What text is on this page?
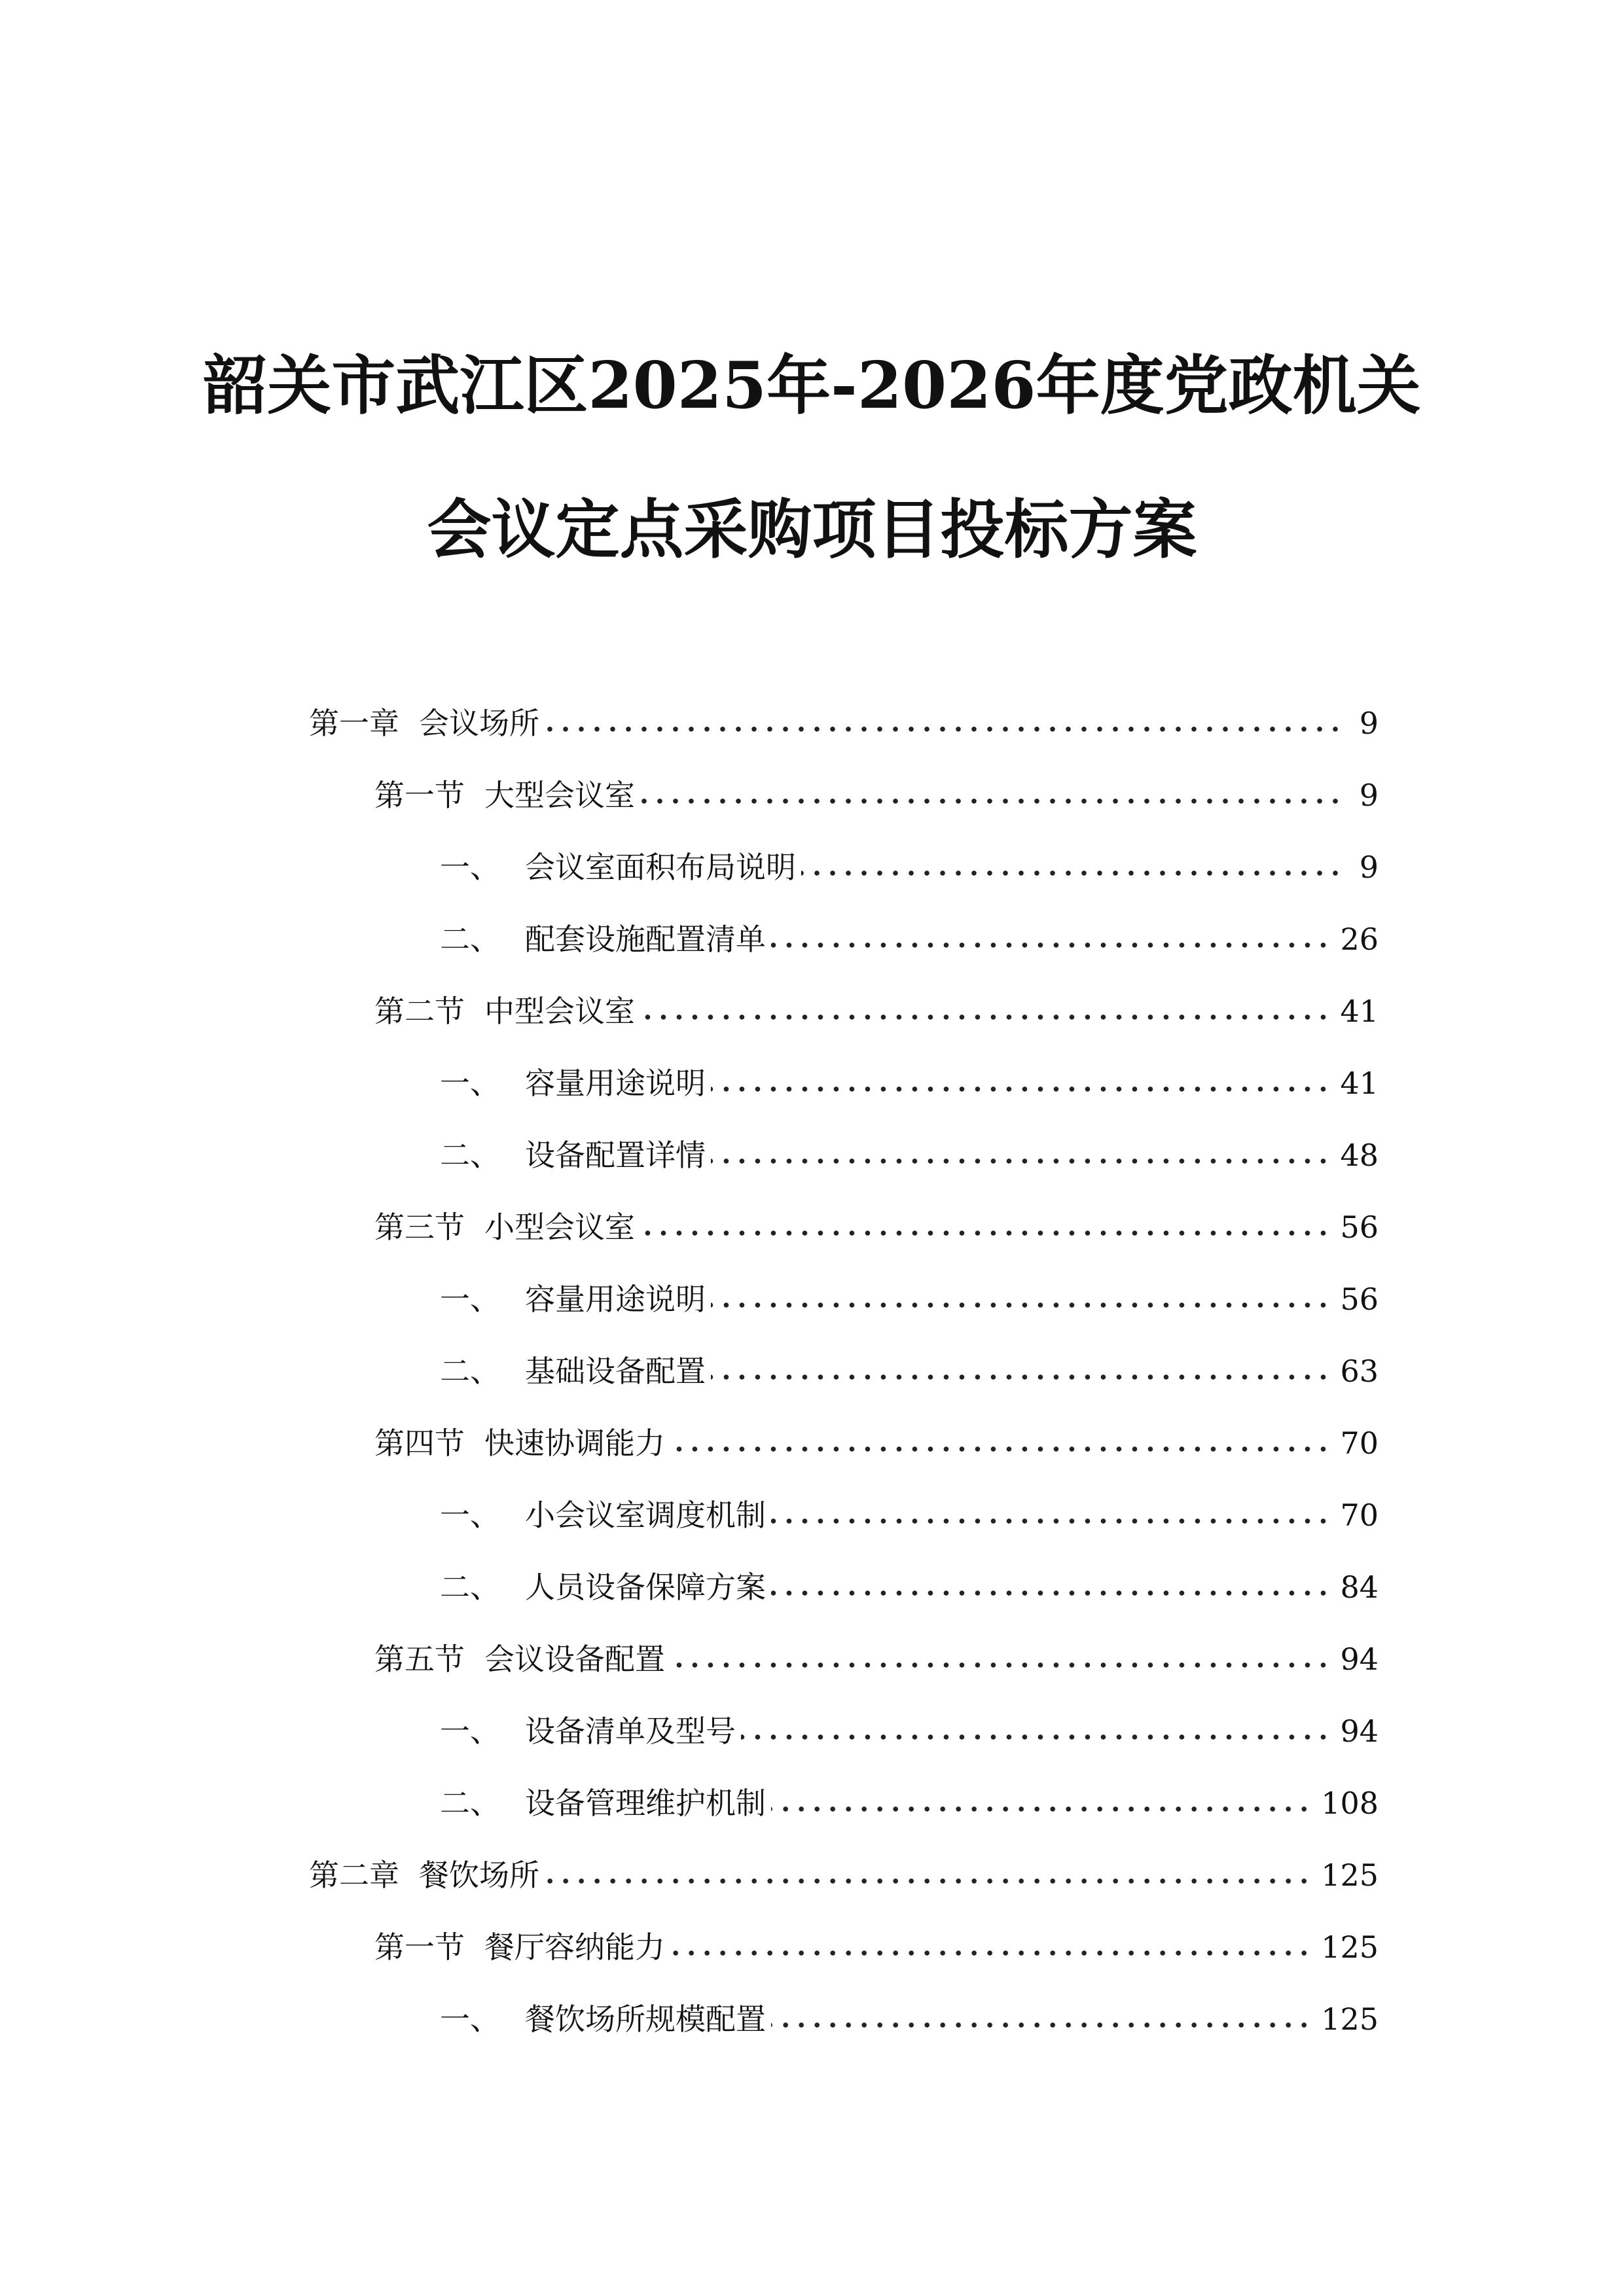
韶关市武江区2025年-2026年度党政机关
会议定点采购项目投标方案
第一章 会议场所	9
第一节 大型会议室	9
一、 会议室面积布局说明	9
二、 配套设施配置清单	26
第二节 中型会议室	41
一、 容量用途说明	41
二、 设备配置详情	48
第三节 小型会议室	56
一、 容量用途说明	56
二、 基础设备配置	63
第四节 快速协调能力	70
一、 小会议室调度机制	70
二、 人员设备保障方案	84
第五节 会议设备配置	94
一、 设备清单及型号	94
二、 设备管理维护机制	108
第二章 餐饮场所	125
第一节 餐厅容纳能力	125
一、 餐饮场所规模配置	125
